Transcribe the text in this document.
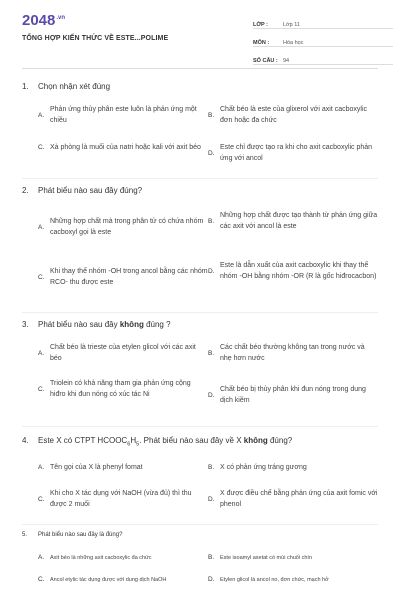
$2048^{.vn}$
TỔNG HỢP KIẾN THỨC VỀ ESTE...POLIME
LỚP :	Lớp 11
MÔN :	Hóa học
SỐ CÂU : 94
1.	Chọn nhận xét đúng
A.
Phản ứng thủy phân este luôn là phản ứng một chiều
B.
Chất béo là este của glixerol với axit cacboxylic đơn hoặc đa chức
C. Xà phòng là muối của natri hoặc kali với axit béo
D.
Este chỉ được tạo ra khi cho axit cacboxylic phản ứng với ancol
2.	Phát biểu nào sau đây đúng?
A.
Những hợp chất mà trong phân tử có chứa nhóm cacboxyl gọi là este
B.
Những hợp chất được tạo thành từ phản ứng giữa các axit với ancol là este
C.
Khi thay thế nhóm -OH trong ancol bằng các nhóm RCO- thu được este
D.
Este là dẫn xuất của axit cacboxylic khi thay thế nhóm -OH bằng nhóm -OR (R là gốc hiđrocacbon)
3.	Phát biểu nào sau đây không đúng ?
A.
Chất béo là trieste của etylen glicol với các axit béo
B.
Các chất béo thường không tan trong nước và nhẹ hơn nước
C.
Triolein có khả năng tham gia phản ứng cộng hiđro khi đun nóng có xúc tác Ni	D.
Chất béo bị thủy phân khi đun nóng trong dung dịch kiềm
4.	Este X có CTPT $HCOOC_6H_5$. Phát biểu nào sau đây về X không đúng?
A. Tên gọi của X là phenyl fomat	B. X có phản ứng tráng gương
C.
Khi cho X tác dụng với NaOH (vừa đủ) thì thu được 2 muối
D.
X được điều chế bằng phản ứng của axit fomic với phenol
5.	Phát biểu nào sau đây là đúng?
A.	Axit béo là những axit cacboxylic đa chức	B.	Este isoamyl axetat có mùi chuối chín
C.	Ancol etylic tác dụng được với dung dịch NaOH	D.	Etylen glicol là ancol no, đơn chức, mạch hở
